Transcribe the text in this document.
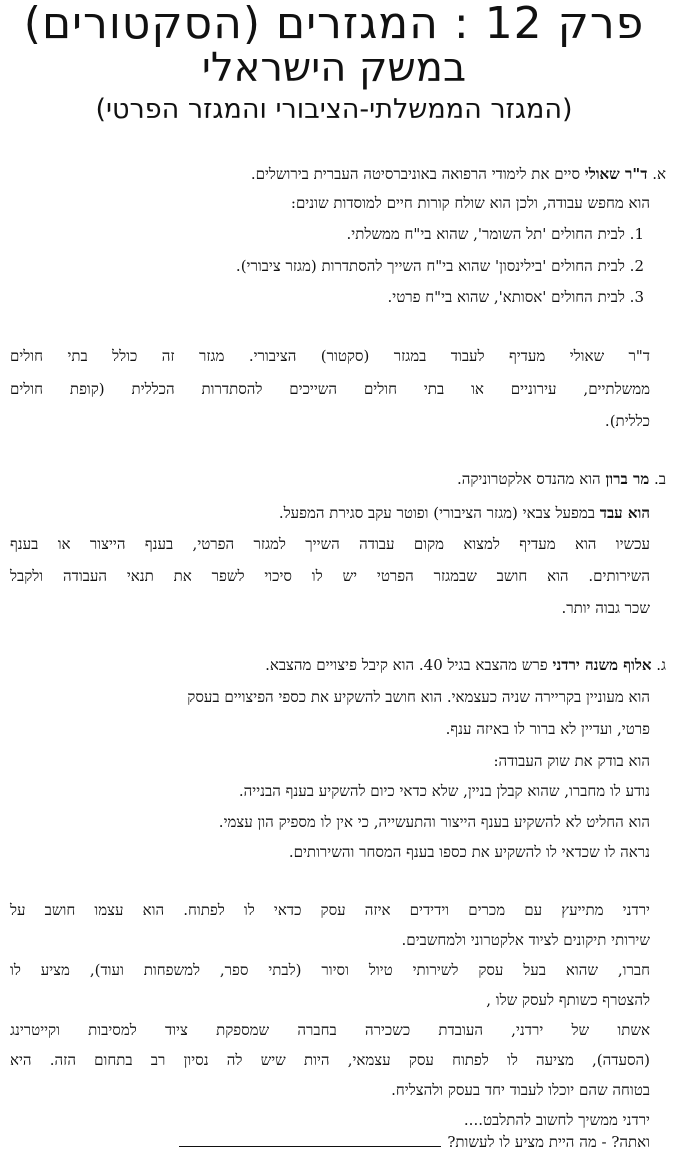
פרק 12 : המגזרים (הסקטורים)
במשק הישראלי
(המגזר הממשלתי-הציבורי והמגזר הפרטי)
א. ד"ר שאולי סיים את לימודי הרפואה באוניברסיטה העברית בירושלים.
הוא מחפש עבודה, ולכן הוא שולח קורות חיים למוסדות שונים:
1. לבית החולים 'תל השומר', שהוא בי"ח ממשלתי.
2. לבית החולים 'בילינסון' שהוא בי"ח השייך להסתדרות (מגזר ציבורי).
3. לבית החולים 'אסותא', שהוא בי"ח פרטי.
ד"ר שאולי מעדיף לעבוד במגזר (סקטור) הציבורי. מגזר זה כולל בתי חולים
ממשלתיים, עירוניים או בתי חולים השייכים להסתדרות הכללית (קופת חולים
כללית).
ב. מר ברון הוא מהנדס אלקטרוניקה.
הוא עבד במפעל צבאי (מגזר הציבורי) ופוטר עקב סגירת המפעל.
עכשיו הוא מעדיף למצוא מקום עבודה השייך למגזר הפרטי, בענף הייצור או בענף
השירותים. הוא חושב שבמגזר הפרטי יש לו סיכוי לשפר את תנאי העבודה ולקבל
שכר גבוה יותר.
ג. אלוף משנה ירדני פרש מהצבא בגיל 40. הוא קיבל פיצויים מהצבא.
הוא מעוניין בקריירה שניה כעצמאי. הוא חושב להשקיע את כספי הפיצויים בעסק
פרטי, ועדיין לא ברור לו באיזה ענף.
הוא בודק את שוק העבודה:
נודע לו מחברו, שהוא קבלן בניין, שלא כדאי כיום להשקיע בענף הבנייה.
הוא החליט לא להשקיע בענף הייצור והתעשייה, כי אין לו מספיק הון עצמי.
נראה לו שכדאי לו להשקיע את כספו בענף המסחר והשירותים.
ירדני מתייעץ עם מכרים וידידים איזה עסק כדאי לו לפתוח. הוא עצמו חושב על
שירותי תיקונים לציוד אלקטרוני ולמחשבים.
חברו, שהוא בעל עסק לשירותי טיול וסיור (לבתי ספר, למשפחות ועוד), מציע לו
להצטרף כשותף לעסק שלו ,
אשתו של ירדני, העובדת כשכירה בחברה שמספקת ציוד למסיבות וקייטרינג
(הסעדה), מציעה לו לפתוח עסק עצמאי, היות שיש לה נסיון רב בתחום הזה. היא
בטוחה שהם יוכלו לעבוד יחד בעסק ולהצליח.
ירדני ממשיך לחשוב להתלבט....
ואתה? - מה היית מציע לו לעשות?
